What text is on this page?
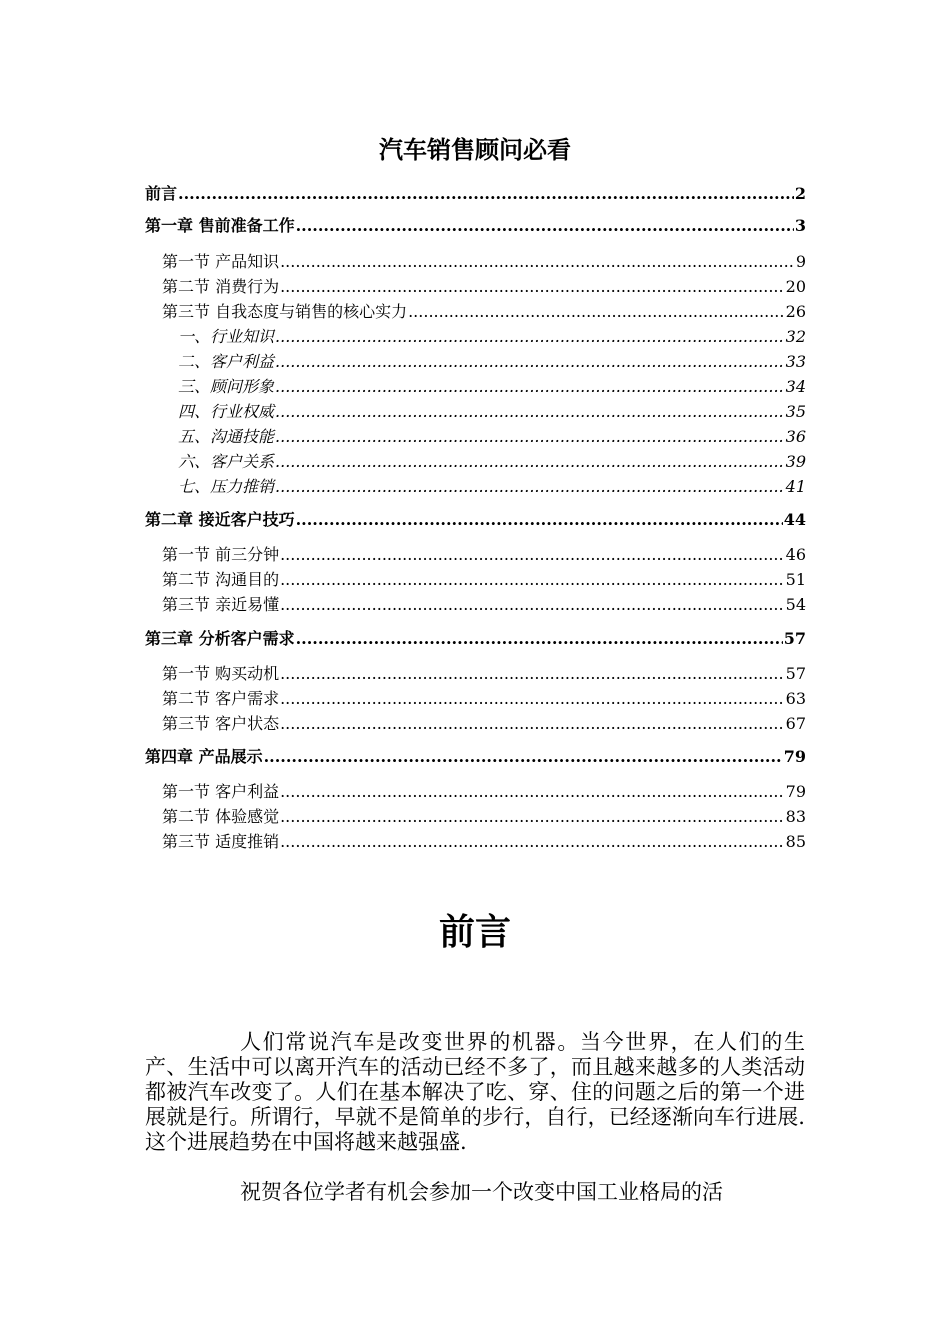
汽车销售顾问必看
前言 .....	2
第一章 售前准备工作 .....	3
第一节 产品知识 .....	9
第二节 消费行为 .....	20
第三节 自我态度与销售的核心实力 .....	26
一、行业知识 .....	32
二、客户利益 .....	33
三、顾问形象 .....	34
四、行业权威 .....	35
五、沟通技能 .....	36
六、客户关系 .....	39
七、压力推销 .....	41
第二章 接近客户技巧 .....	44
第一节 前三分钟 .....	46
第二节 沟通目的 .....	51
第三节 亲近易懂 .....	54
第三章 分析客户需求 .....	57
第一节 购买动机 .....	57
第二节 客户需求 .....	63
第三节 客户状态 .....	67
第四章 产品展示 .....	79
第一节 客户利益 .....	79
第二节 体验感觉 .....	83
第三节 适度推销 .....	85
前言
人们常说汽车是改变世界的机器。当今世界，在人们的生产、生活中可以离开汽车的活动已经不多了，而且越来越多的人类活动都被汽车改变了。人们在基本解决了吃、穿、住的问题之后的第一个进展就是行。所谓行，早就不是简单的步行，自行，已经逐渐向车行进展.这个进展趋势在中国将越来越强盛.
祝贺各位学者有机会参加一个改变中国工业格局的活
